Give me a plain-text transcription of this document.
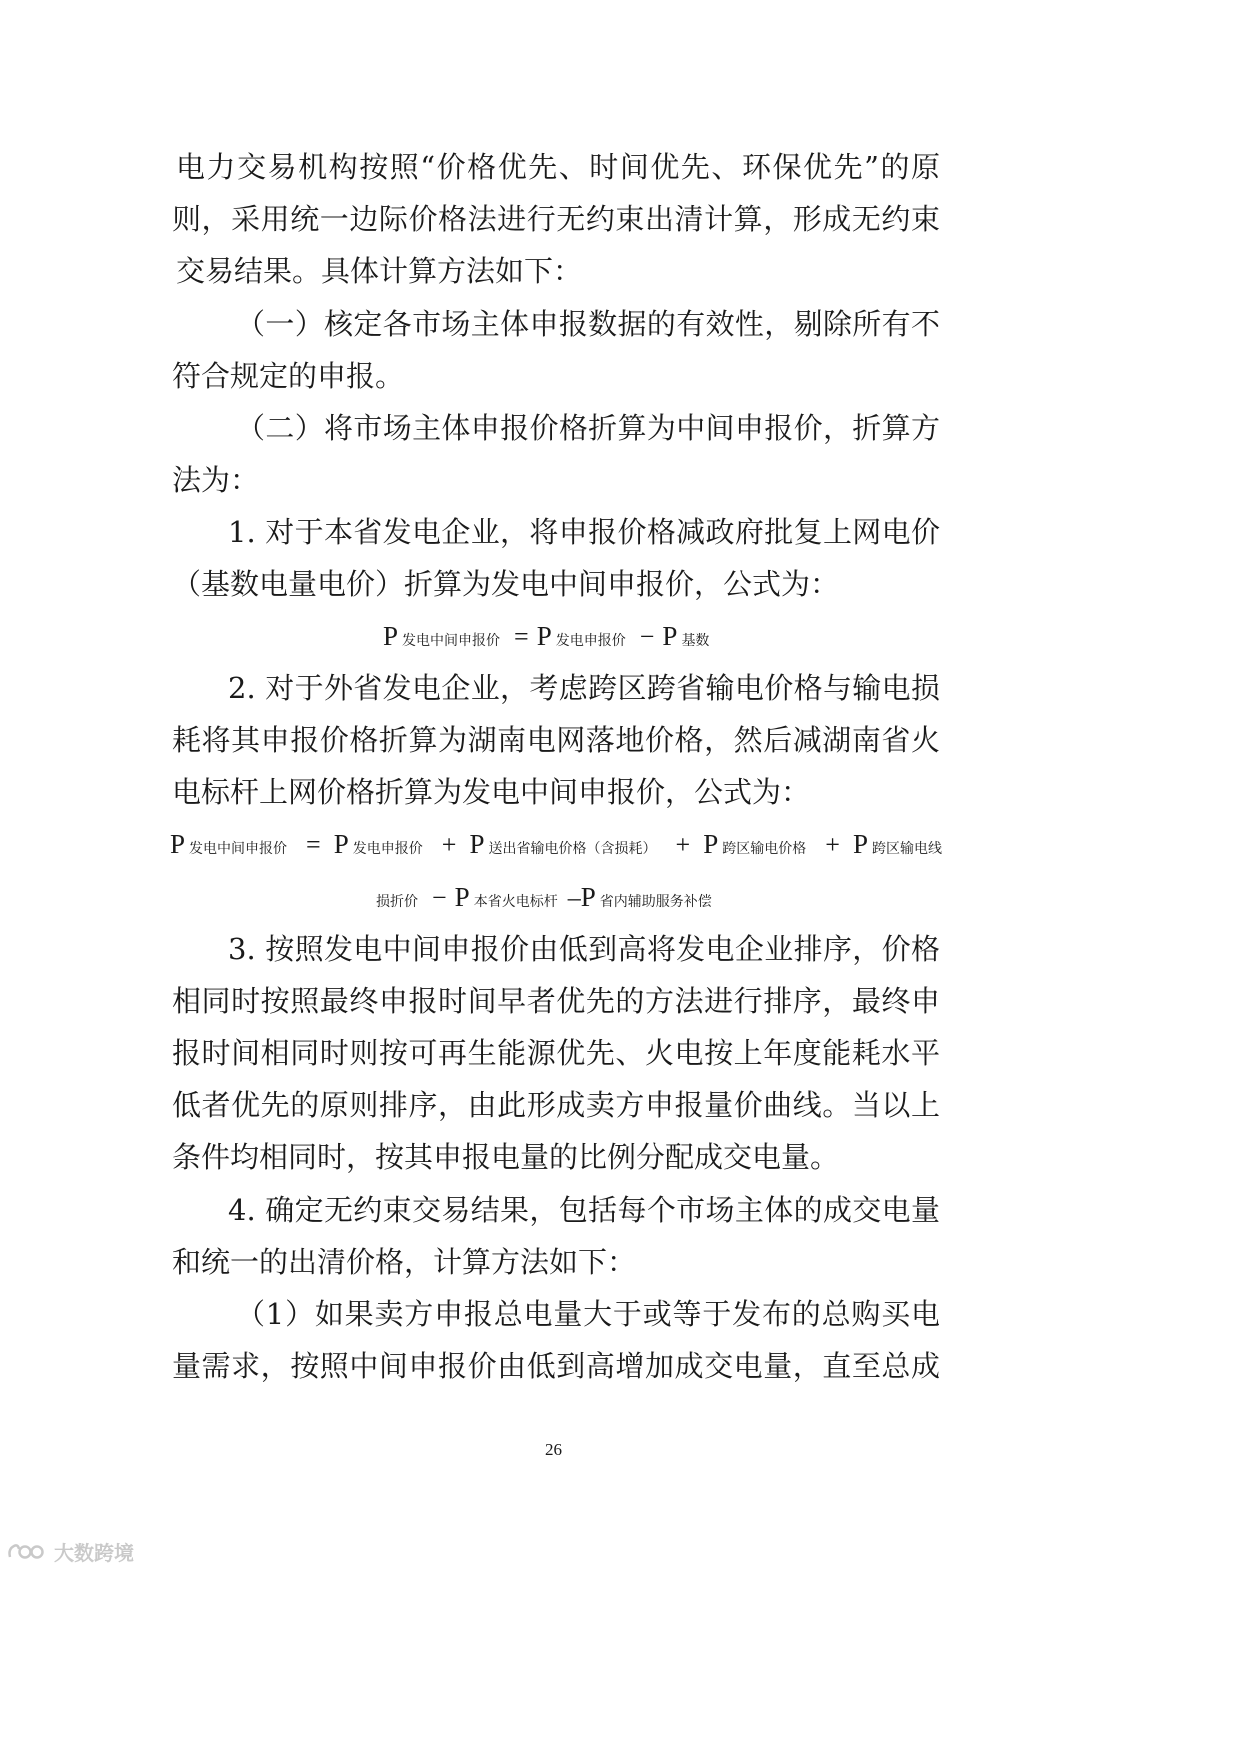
电力交易机构按照“价格优先、时间优先、环保优先”的原
则，采用统一边际价格法进行无约束出清计算，形成无约束
交易结果。具体计算方法如下：
（一）核定各市场主体申报数据的有效性，剔除所有不
符合规定的申报。
（二）将市场主体申报价格折算为中间申报价，折算方
法为：
1. 对于本省发电企业，将申报价格减政府批复上网电价
（基数电量电价）折算为发电中间申报价，公式为：
P发电中间申报价 = P 发电申报价 − P 基数
2. 对于外省发电企业，考虑跨区跨省输电价格与输电损
耗将其申报价格折算为湖南电网落地价格，然后减湖南省火
电标杆上网价格折算为发电中间申报价，公式为：
P发电中间申报价 = P发电申报价 + P送出省输电价格（含损耗） + P跨区输电价格 + P跨区输电线
损折价 − P 本省火电标杆 –P 省内辅助服务补偿
3. 按照发电中间申报价由低到高将发电企业排序，价格
相同时按照最终申报时间早者优先的方法进行排序，最终申
报时间相同时则按可再生能源优先、火电按上年度能耗水平
低者优先的原则排序，由此形成卖方申报量价曲线。当以上
条件均相同时，按其申报电量的比例分配成交电量。
4. 确定无约束交易结果，包括每个市场主体的成交电量
和统一的出清价格，计算方法如下：
（1）如果卖方申报总电量大于或等于发布的总购买电
量需求，按照中间申报价由低到高增加成交电量，直至总成
26
大数跨境
